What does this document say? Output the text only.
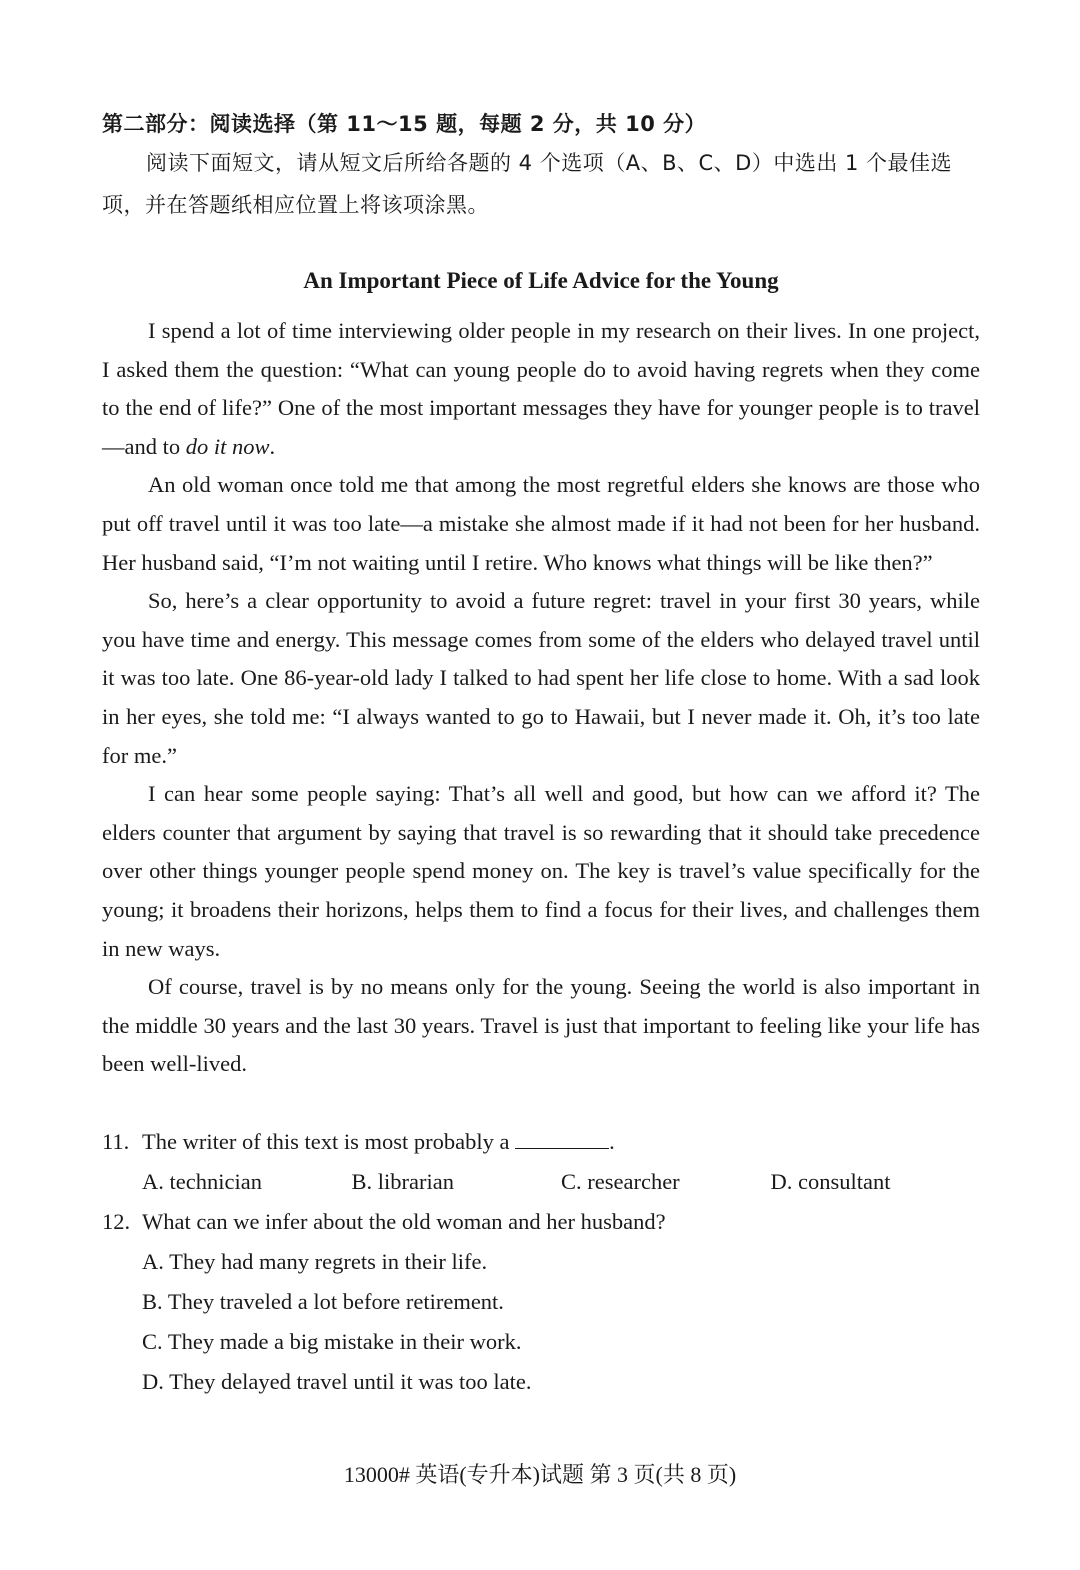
第二部分：阅读选择（第 11～15 题，每题 2 分，共 10 分）

阅读下面短文，请从短文后所给各题的 4 个选项（A、B、C、D）中选出 1 个最佳选项，并在答题纸相应位置上将该项涂黑。

An Important Piece of Life Advice for the Young

I spend a lot of time interviewing older people in my research on their lives. In one project, I asked them the question: “What can young people do to avoid having regrets when they come to the end of life?” One of the most important messages they have for younger people is to travel—and to do it now.

An old woman once told me that among the most regretful elders she knows are those who put off travel until it was too late—a mistake she almost made if it had not been for her husband. Her husband said, “I’m not waiting until I retire. Who knows what things will be like then?”

So, here’s a clear opportunity to avoid a future regret: travel in your first 30 years, while you have time and energy. This message comes from some of the elders who delayed travel until it was too late. One 86-year-old lady I talked to had spent her life close to home. With a sad look in her eyes, she told me: “I always wanted to go to Hawaii, but I never made it. Oh, it’s too late for me.”

I can hear some people saying: That’s all well and good, but how can we afford it? The elders counter that argument by saying that travel is so rewarding that it should take precedence over other things younger people spend money on. The key is travel’s value specifically for the young; it broadens their horizons, helps them to find a focus for their lives, and challenges them in new ways.

Of course, travel is by no means only for the young. Seeing the world is also important in the middle 30 years and the last 30 years. Travel is just that important to feeling like your life has been well-lived.

11. The writer of this text is most probably a	.

A. technician	B. librarian	C. researcher	D. consultant

12. What can we infer about the old woman and her husband?

A. They had many regrets in their life.
B. They traveled a lot before retirement.
C. They made a big mistake in their work.
D. They delayed travel until it was too late.
13000# 英语(专升本)试题 第 3 页(共 8 页)
